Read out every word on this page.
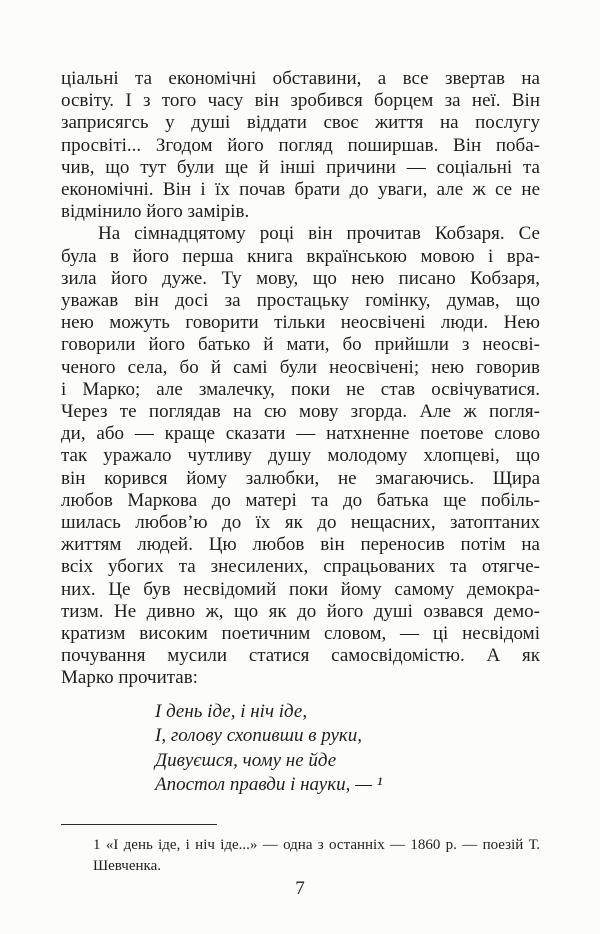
ціальні та економічні обставини, а все звертав на
освіту. І з того часу він зробився борцем за неї. Він
заприсягсь у душі віддати своє життя на послугу
просвіті... Згодом його погляд поширшав. Він поба-
чив, що тут були ще й інші причини — соціальні та
економічні. Він і їх почав брати до уваги, але ж се не
відмінило його замірів.
На сімнадцятому році він прочитав Кобзаря. Се
була в його перша книга вкраїнською мовою і вра-
зила його дуже. Ту мову, що нею писано Кобзаря,
уважав він досі за простацьку гомінку, думав, що
нею можуть говорити тільки неосвічені люди. Нею
говорили його батько й мати, бо прийшли з неосві-
ченого села, бо й самі були неосвічені; нею говорив
і Марко; але змалечку, поки не став освічуватися.
Через те поглядав на сю мову згорда. Але ж погля-
ди, або — краще сказати — натхненне поетове слово
так уражало чутливу душу молодому хлопцеві, що
він корився йому залюбки, не змагаючись. Щира
любов Маркова до матері та до батька ще побіль-
шилась любов’ю до їх як до нещасних, затоптаних
життям людей. Цю любов він переносив потім на
всіх убогих та знесилених, спрацьованих та отягче-
них. Це був несвідомий поки йому самому демокра-
тизм. Не дивно ж, що як до його душі озвався демо-
кратизм високим поетичним словом, — ці несвідомі
почування мусили статися самосвідомістю. А як
Марко прочитав:
І день іде, і ніч іде,
І, голову схопивши в руки,
Дивуєшся, чому не йде
Апостол правди і науки, — ¹
1 «І день іде, і ніч іде...» — одна з останніх — 1860 р. — поезій Т.
Шевченка.
7
